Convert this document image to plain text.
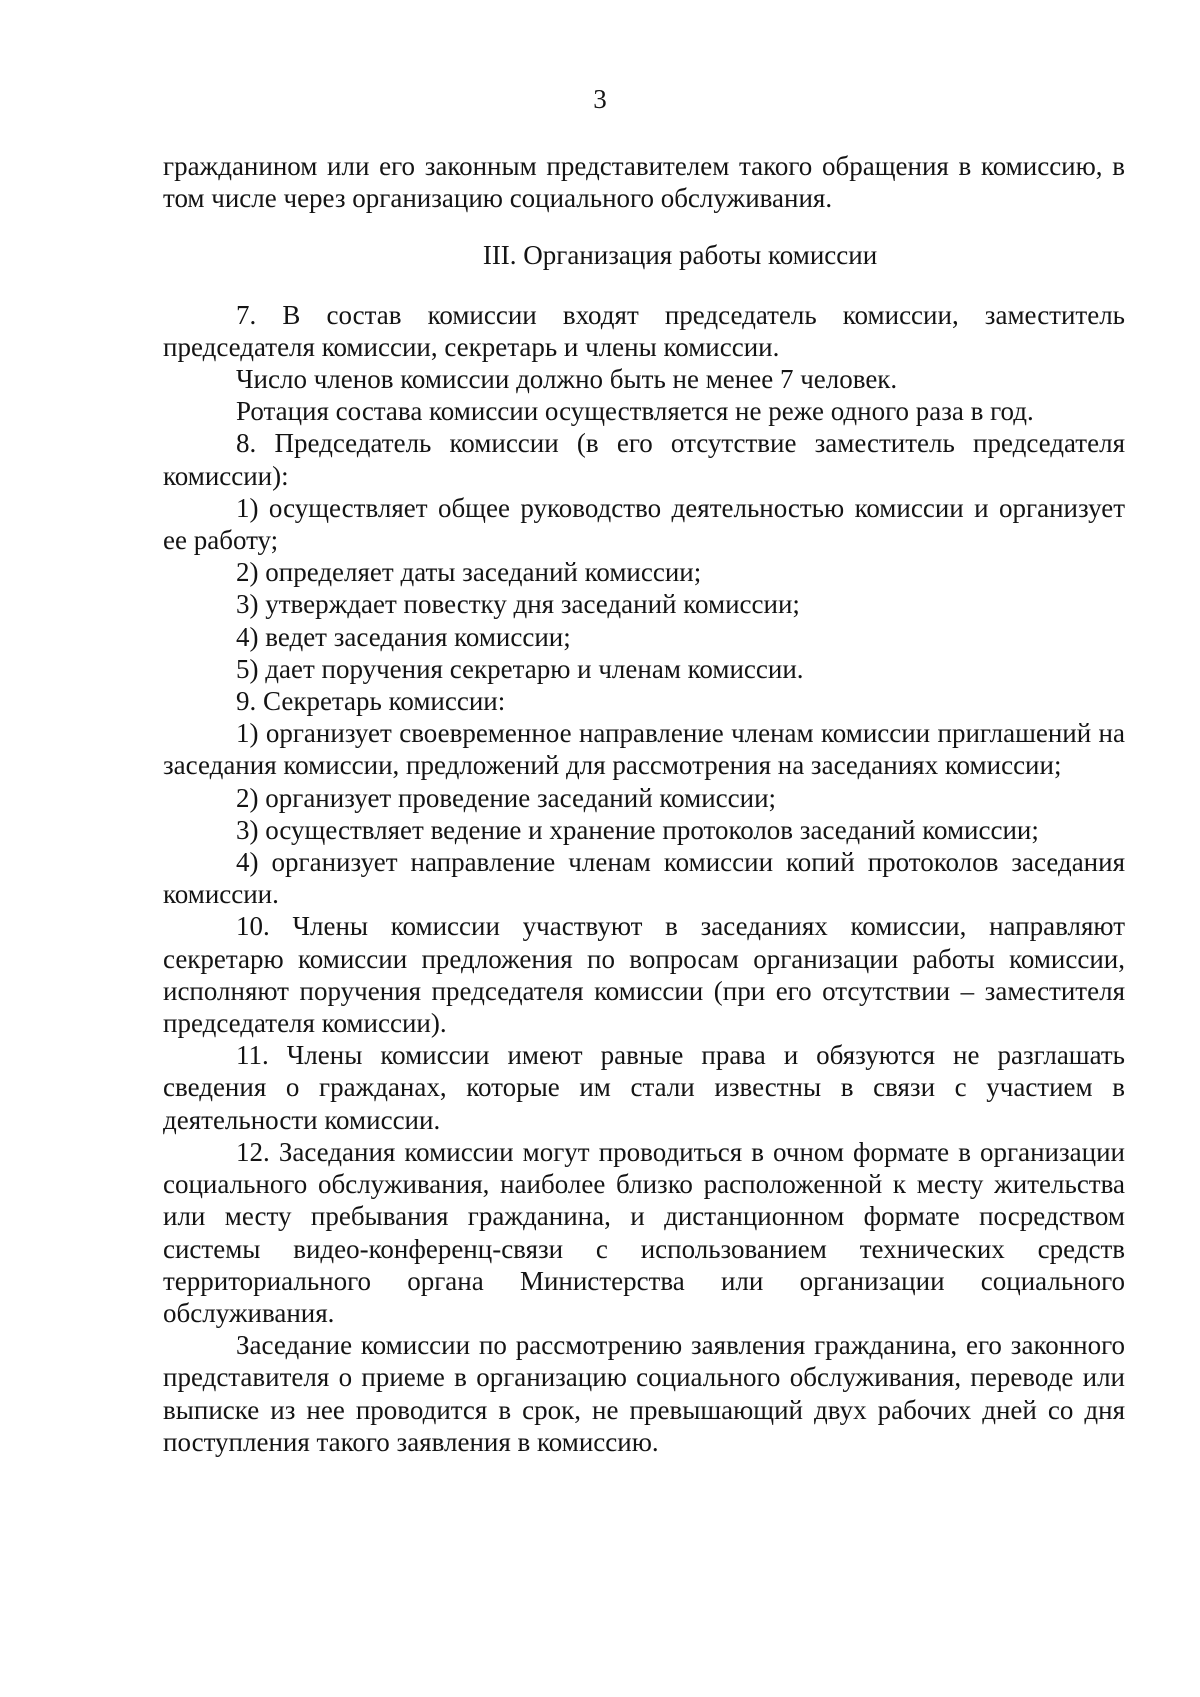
3

гражданином или его законным представителем такого обращения в комиссию, в том числе через организацию социального обслуживания.

III. Организация работы комиссии

7. В состав комиссии входят председатель комиссии, заместитель председателя комиссии, секретарь и члены комиссии.

Число членов комиссии должно быть не менее 7 человек.

Ротация состава комиссии осуществляется не реже одного раза в год.

8. Председатель комиссии (в его отсутствие заместитель председателя комиссии):

1) осуществляет общее руководство деятельностью комиссии и организует ее работу;

2) определяет даты заседаний комиссии;

3) утверждает повестку дня заседаний комиссии;

4) ведет заседания комиссии;

5) дает поручения секретарю и членам комиссии.

9. Секретарь комиссии:

1) организует своевременное направление членам комиссии приглашений на заседания комиссии, предложений для рассмотрения на заседаниях комиссии;

2) организует проведение заседаний комиссии;

3) осуществляет ведение и хранение протоколов заседаний комиссии;

4) организует направление членам комиссии копий протоколов заседания комиссии.

10. Члены комиссии участвуют в заседаниях комиссии, направляют секретарю комиссии предложения по вопросам организации работы комиссии, исполняют поручения председателя комиссии (при его отсутствии – заместителя председателя комиссии).

11. Члены комиссии имеют равные права и обязуются не разглашать сведения о гражданах, которые им стали известны в связи с участием в деятельности комиссии.

12. Заседания комиссии могут проводиться в очном формате в организации социального обслуживания, наиболее близко расположенной к месту жительства или месту пребывания гражданина, и дистанционном формате посредством системы видео-конференц-связи с использованием технических средств территориального органа Министерства или организации социального обслуживания.

Заседание комиссии по рассмотрению заявления гражданина, его законного представителя о приеме в организацию социального обслуживания, переводе или выписке из нее проводится в срок, не превышающий двух рабочих дней со дня поступления такого заявления в комиссию.
